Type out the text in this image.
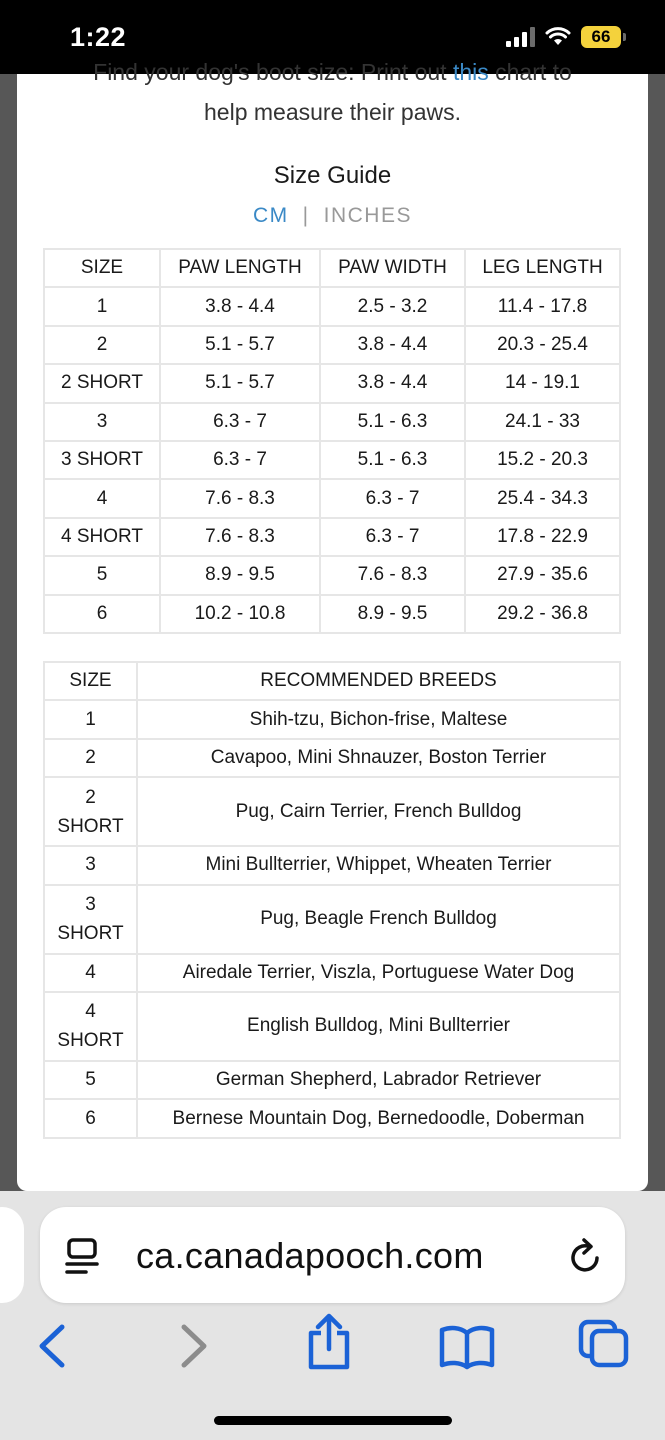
1:22	66
Find your dog's boot size: Print out this chart to
help measure their paws.
Size Guide
CM | INCHES
SIZE	PAW LENGTH	PAW WIDTH	LEG LENGTH
1	3.8 - 4.4	2.5 - 3.2	11.4 - 17.8
2	5.1 - 5.7	3.8 - 4.4	20.3 - 25.4
2 SHORT	5.1 - 5.7	3.8 - 4.4	14 - 19.1
3	6.3 - 7	5.1 - 6.3	24.1 - 33
3 SHORT	6.3 - 7	5.1 - 6.3	15.2 - 20.3
4	7.6 - 8.3	6.3 - 7	25.4 - 34.3
4 SHORT	7.6 - 8.3	6.3 - 7	17.8 - 22.9
5	8.9 - 9.5	7.6 - 8.3	27.9 - 35.6
6	10.2 - 10.8	8.9 - 9.5	29.2 - 36.8
SIZE	RECOMMENDED BREEDS
1	Shih-tzu, Bichon-frise, Maltese
2	Cavapoo, Mini Shnauzer, Boston Terrier

2
SHORT	Pug, Cairn Terrier, French Bulldog
3	Mini Bullterrier, Whippet, Wheaten Terrier

3
SHORT	Pug, Beagle French Bulldog
4	Airedale Terrier, Viszla, Portuguese Water Dog

4
SHORT	English Bulldog, Mini Bullterrier
5	German Shepherd, Labrador Retriever
6	Bernese Mountain Dog, Bernedoodle, Doberman
ca.canadapooch.com
